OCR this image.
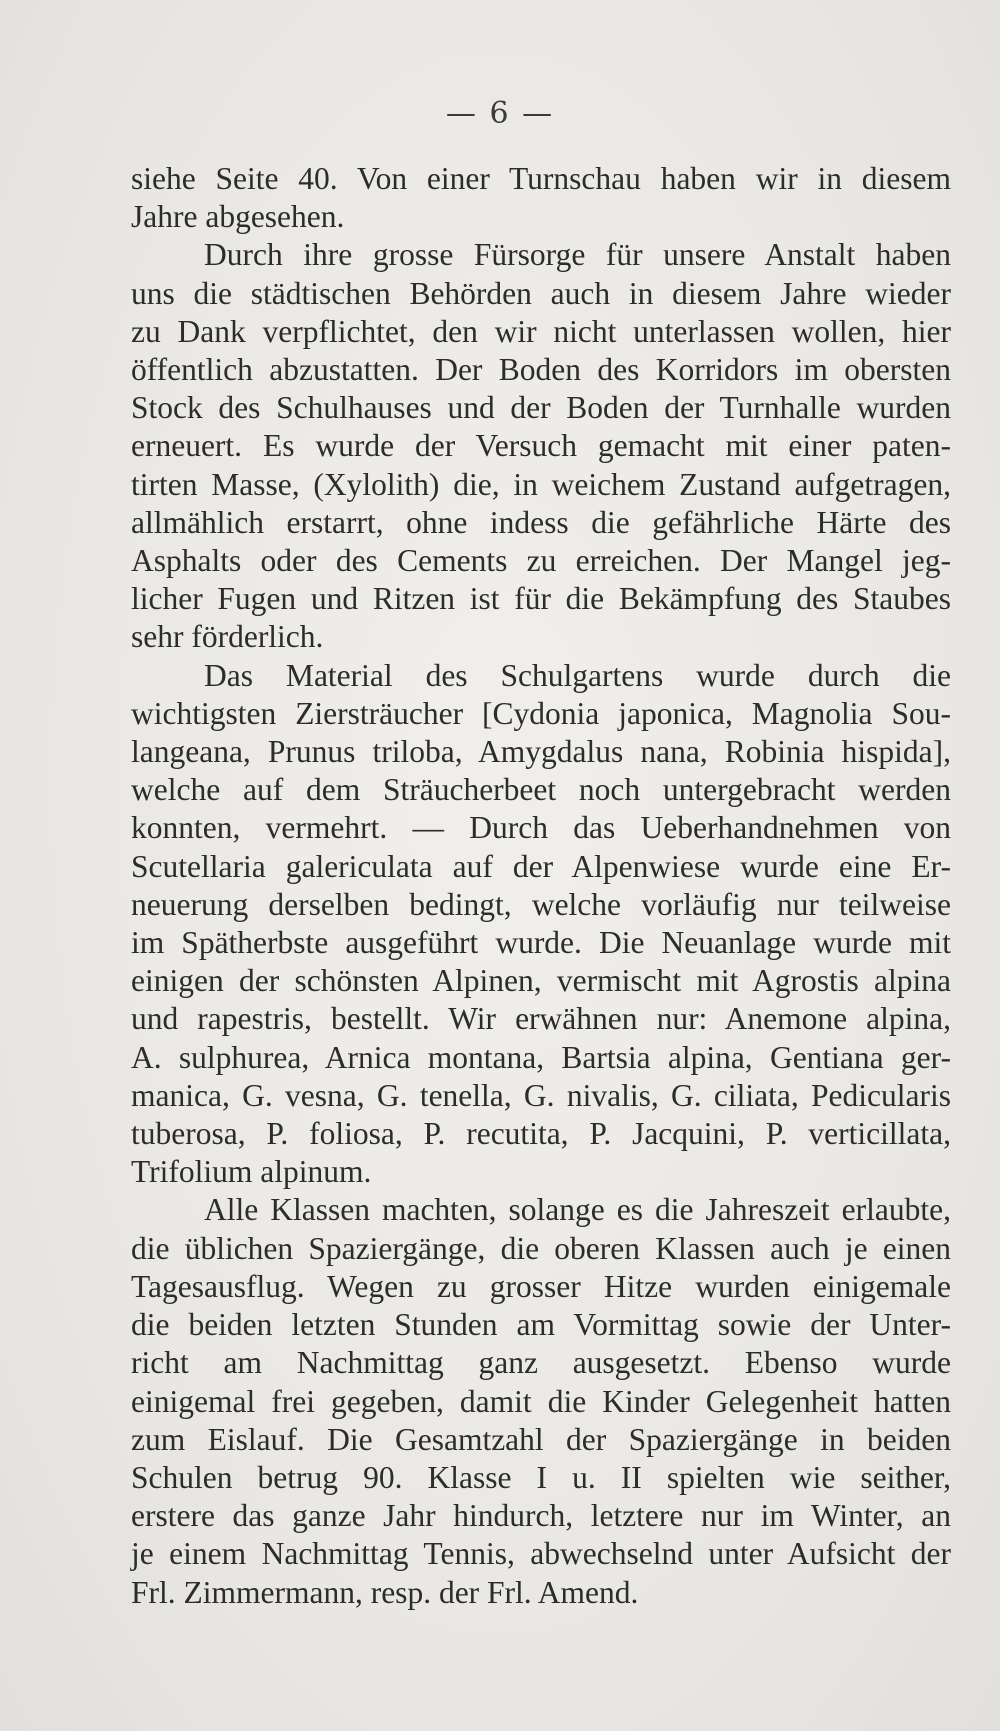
— 6 —
siehe Seite 40. Von einer Turnschau haben wir in diesem
Jahre abgesehen.
Durch ihre grosse Fürsorge für unsere Anstalt haben
uns die städtischen Behörden auch in diesem Jahre wieder
zu Dank verpflichtet, den wir nicht unterlassen wollen, hier
öffentlich abzustatten. Der Boden des Korridors im obersten
Stock des Schulhauses und der Boden der Turnhalle wurden
erneuert. Es wurde der Versuch gemacht mit einer paten-
tirten Masse, (Xylolith) die, in weichem Zustand aufgetragen,
allmählich erstarrt, ohne indess die gefährliche Härte des
Asphalts oder des Cements zu erreichen. Der Mangel jeg-
licher Fugen und Ritzen ist für die Bekämpfung des Staubes
sehr förderlich.
Das Material des Schulgartens wurde durch die
wichtigsten Ziersträucher [Cydonia japonica, Magnolia Sou-
langeana, Prunus triloba, Amygdalus nana, Robinia hispida],
welche auf dem Sträucherbeet noch untergebracht werden
konnten, vermehrt. — Durch das Ueberhandnehmen von
Scutellaria galericulata auf der Alpenwiese wurde eine Er-
neuerung derselben bedingt, welche vorläufig nur teilweise
im Spätherbste ausgeführt wurde. Die Neuanlage wurde mit
einigen der schönsten Alpinen, vermischt mit Agrostis alpina
und rapestris, bestellt. Wir erwähnen nur: Anemone alpina,
A. sulphurea, Arnica montana, Bartsia alpina, Gentiana ger-
manica, G. vesna, G. tenella, G. nivalis, G. ciliata, Pedicularis
tuberosa, P. foliosa, P. recutita, P. Jacquini, P. verticillata,
Trifolium alpinum.
Alle Klassen machten, solange es die Jahreszeit erlaubte,
die üblichen Spaziergänge, die oberen Klassen auch je einen
Tagesausflug. Wegen zu grosser Hitze wurden einigemale
die beiden letzten Stunden am Vormittag sowie der Unter-
richt am Nachmittag ganz ausgesetzt. Ebenso wurde
einigemal frei gegeben, damit die Kinder Gelegenheit hatten
zum Eislauf. Die Gesamtzahl der Spaziergänge in beiden
Schulen betrug 90. Klasse I u. II spielten wie seither,
erstere das ganze Jahr hindurch, letztere nur im Winter, an
je einem Nachmittag Tennis, abwechselnd unter Aufsicht der
Frl. Zimmermann, resp. der Frl. Amend.
